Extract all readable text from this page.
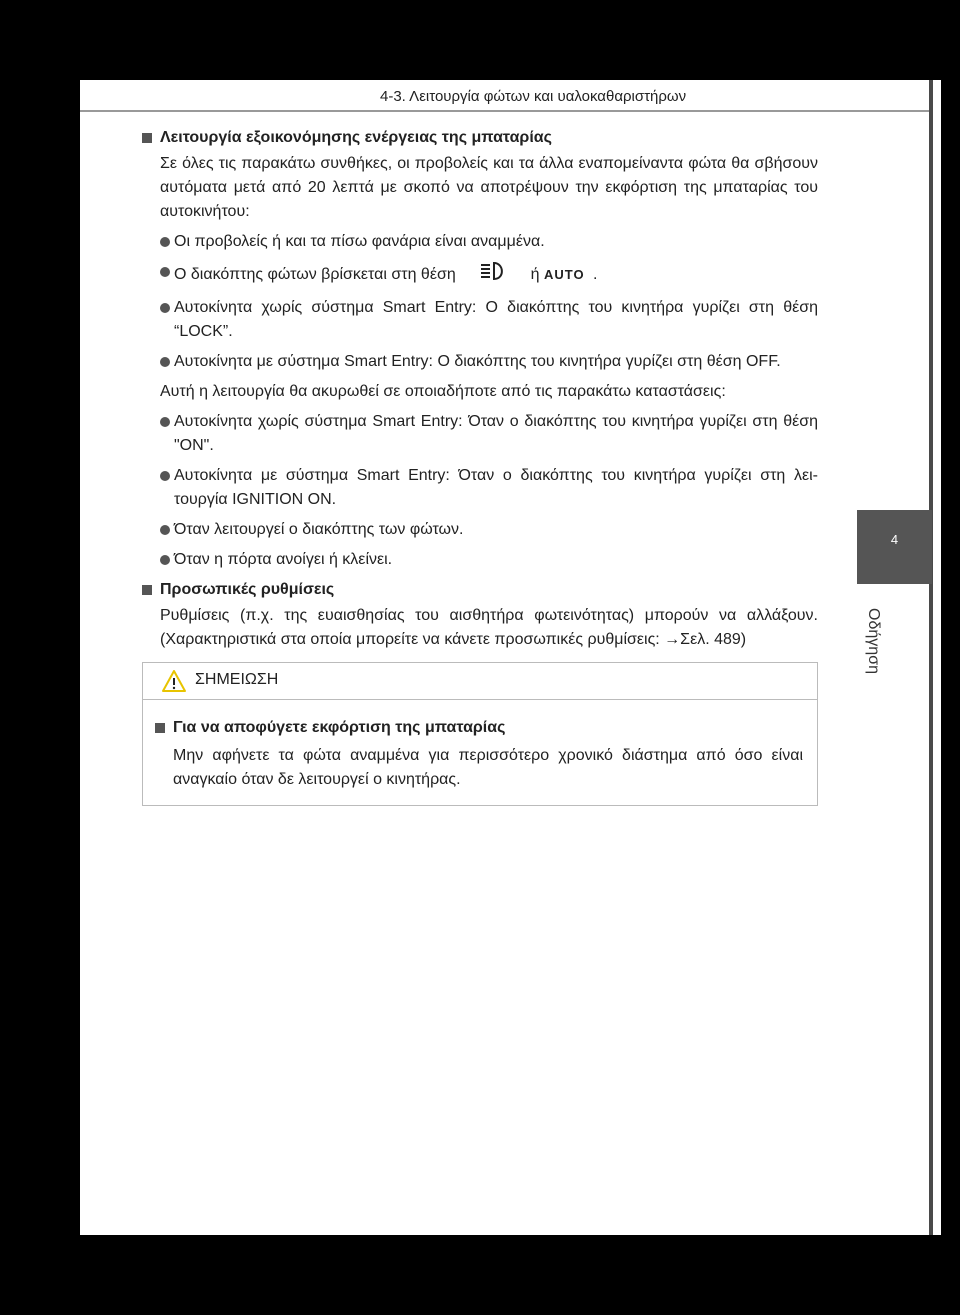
4-3. Λειτουργία φώτων και υαλοκαθαριστήρων
4
Οδήγηση
Λειτουργία εξοικονόμησης ενέργειας της μπαταρίας

Σε όλες τις παρακάτω συνθήκες, οι προβολείς και τα άλλα εναπομείναντα φώτα θα σβήσουν αυτόματα μετά από 20 λεπτά με σκοπό να αποτρέψουν την εκφόρτιση της μπαταρίας του αυτοκινήτου:

Οι προβολείς ή και τα πίσω φανάρια είναι αναμμένα.
Ο διακόπτης φώτων βρίσκεται στη θέση	ή AUTO .
Αυτοκίνητα χωρίς σύστημα Smart Entry: Ο διακόπτης του κινητήρα γυρίζει στη θέση “LOCK”.
Αυτοκίνητα με σύστημα Smart Entry: Ο διακόπτης του κινητήρα γυρίζει στη θέση OFF.

Αυτή η λειτουργία θα ακυρωθεί σε οποιαδήποτε από τις παρακάτω καταστάσεις:

Αυτοκίνητα χωρίς σύστημα Smart Entry: Όταν ο διακόπτης του κινητήρα γυρίζει στη θέση "ON".
Αυτοκίνητα με σύστημα Smart Entry: Όταν ο διακόπτης του κινητήρα γυρίζει στη λει-τουργία IGNITION ON.
Όταν λειτουργεί ο διακόπτης των φώτων.
Όταν η πόρτα ανοίγει ή κλείνει.
Προσωπικές ρυθμίσεις

Ρυθμίσεις (π.χ. της ευαισθησίας του αισθητήρα φωτεινότητας) μπορούν να αλλάξουν. (Χαρακτηριστικά στα οποία μπορείτε να κάνετε προσωπικές ρυθμίσεις: →Σελ. 489)

ΣΗΜΕΙΩΣΗ
Για να αποφύγετε εκφόρτιση της μπαταρίας

Μην αφήνετε τα φώτα αναμμένα για περισσότερο χρονικό διάστημα από όσο είναι αναγκαίο όταν δε λειτουργεί ο κινητήρας.
